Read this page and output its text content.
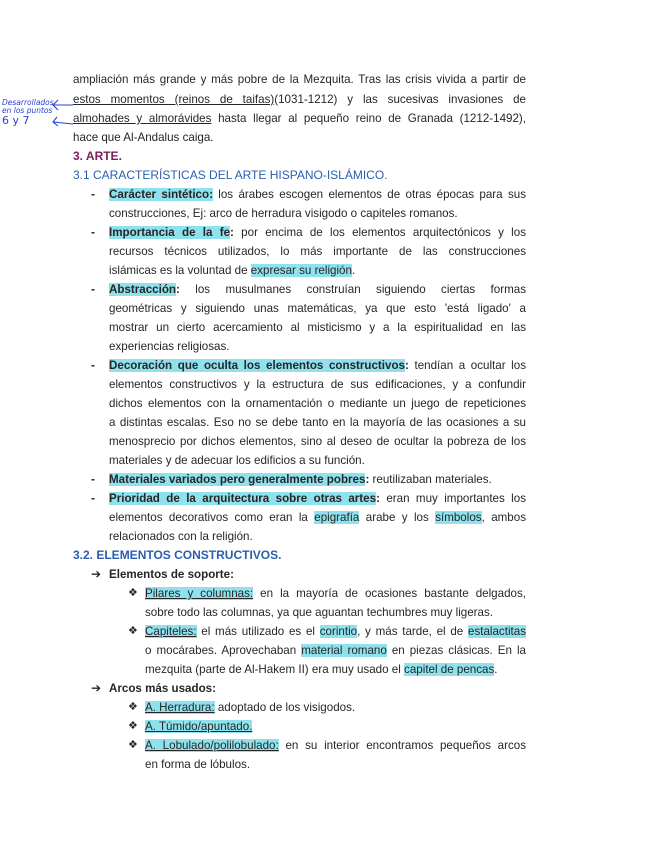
ampliación más grande y más pobre de la Mezquita. Tras las crisis vivida a partir de
estos momentos (reinos de taifas)(1031-1212) y las sucesivas invasiones de
almohades y almorávides hasta llegar al pequeño reino de Granada (1212-1492),
hace que Al-Andalus caiga.
Desarrollados
en los puntos
6 y 7
3. ARTE.
3.1 CARACTERÍSTICAS DEL ARTE HISPANO-ISLÁMICO.
- Carácter sintético: los árabes escogen elementos de otras épocas para sus
construcciones, Ej: arco de herradura visigodo o capiteles romanos.
- Importancia de la fe: por encima de los elementos arquitectónicos y los
recursos técnicos utilizados, lo más importante de las construcciones
islámicas es la voluntad de expresar su religión.
- Abstracción: los musulmanes construían siguiendo ciertas formas
geométricas y siguiendo unas matemáticas, ya que esto 'está ligado' a
mostrar un cierto acercamiento al misticismo y a la espiritualidad en las
experiencias religiosas.
- Decoración que oculta los elementos constructivos: tendían a ocultar los
elementos constructivos y la estructura de sus edificaciones, y a confundir
dichos elementos con la ornamentación o mediante un juego de repeticiones
a distintas escalas. Eso no se debe tanto en la mayoría de las ocasiones a su
menosprecio por dichos elementos, sino al deseo de ocultar la pobreza de los
materiales y de adecuar los edificios a su función.
- Materiales variados pero generalmente pobres: reutilizaban materiales.
- Prioridad de la arquitectura sobre otras artes: eran muy importantes los
elementos decorativos como eran la epigrafía arabe y los símbolos, ambos
relacionados con la religión.
3.2. ELEMENTOS CONSTRUCTIVOS.
➔ Elementos de soporte:
❖ Pilares y columnas: en la mayoría de ocasiones bastante delgados,
sobre todo las columnas, ya que aguantan techumbres muy ligeras.
❖ Capiteles: el más utilizado es el corintio, y más tarde, el de estalactitas
o mocárabes. Aprovechaban material romano en piezas clásicas. En la
mezquita (parte de Al-Hakem II) era muy usado el capitel de pencas.
➔ Arcos más usados:
❖ A. Herradura: adoptado de los visigodos.
❖ A. Túmido/apuntado.
❖ A. Lobulado/polilobulado: en su interior encontramos pequeños arcos
en forma de lóbulos.
